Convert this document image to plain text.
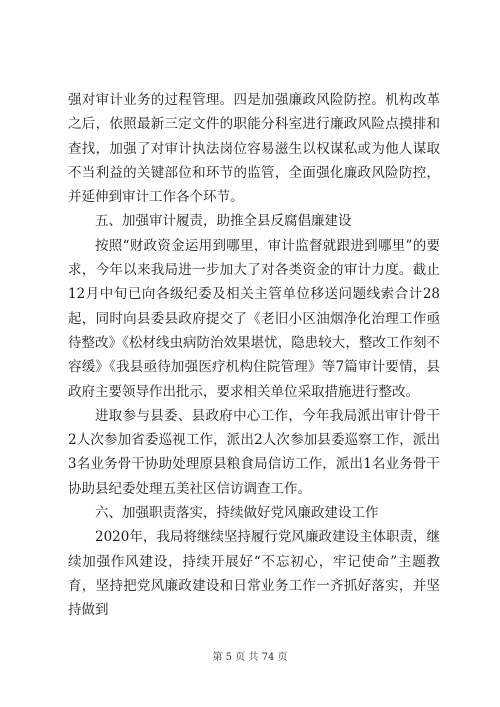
强对审计业务的过程管理。四是加强廉政风险防控。机构改革之后，依照最新三定文件的职能分科室进行廉政风险点摸排和查找，加强了对审计执法岗位容易滋生以权谋私或为他人谋取不当利益的关键部位和环节的监管，全面强化廉政风险防控，并延伸到审计工作各个环节。

五、加强审计履责，助推全县反腐倡廉建设

按照“财政资金运用到哪里，审计监督就跟进到哪里”的要求，今年以来我局进一步加大了对各类资金的审计力度。截止12月中旬已向各级纪委及相关主管单位移送问题线索合计28起，同时向县委县政府提交了《老旧小区油烟净化治理工作亟待整改》《松材线虫病防治效果堪忧，隐患较大，整改工作刻不容缓》《我县亟待加强医疗机构住院管理》等7篇审计要情，县政府主要领导作出批示，要求相关单位采取措施进行整改。

进取参与县委、县政府中心工作，今年我局派出审计骨干2人次参加省委巡视工作，派出2人次参加县委巡察工作，派出3名业务骨干协助处理原县粮食局信访工作，派出1名业务骨干协助县纪委处理五美社区信访调查工作。

六、加强职责落实，持续做好党风廉政建设工作

2020年，我局将继续坚持履行党风廉政建设主体职责，继续加强作风建设，持续开展好“不忘初心，牢记使命”主题教育，坚持把党风廉政建设和日常业务工作一齐抓好落实，并坚持做到

第 5 页 共 74 页
